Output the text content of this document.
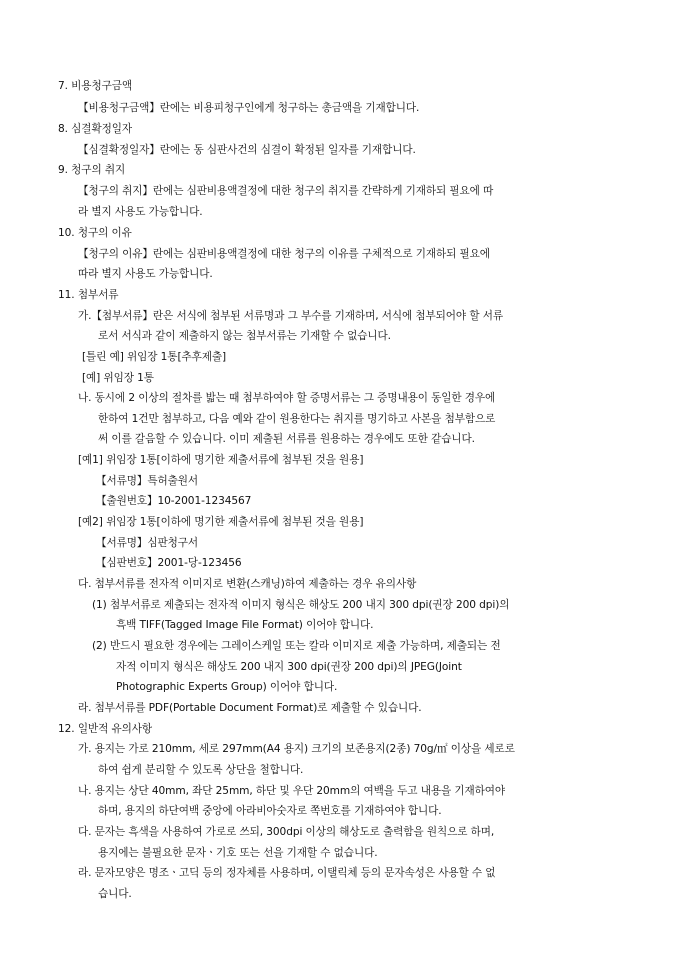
7. 비용청구금액
【비용청구금액】란에는 비용피청구인에게 청구하는 총금액을 기재합니다.
8. 심결확정일자
【심결확정일자】란에는 동 심판사건의 심결이 확정된 일자를 기재합니다.
9. 청구의 취지
【청구의 취지】란에는 심판비용액결정에 대한 청구의 취지를 간략하게 기재하되 필요에 따
라 별지 사용도 가능합니다.
10. 청구의 이유
【청구의 이유】란에는 심판비용액결정에 대한 청구의 이유를 구체적으로 기재하되 필요에
따라 별지 사용도 가능합니다.
11. 첨부서류
가.【첨부서류】란은 서식에 첨부된 서류명과 그 부수를 기재하며, 서식에 첨부되어야 할 서류
로서 서식과 같이 제출하지 않는 첨부서류는 기재할 수 없습니다.
[틀린 예] 위임장 1통[추후제출]
[예] 위임장 1통
나. 동시에 2 이상의 절차를 밟는 때 첨부하여야 할 증명서류는 그 증명내용이 동일한 경우에
한하여 1건만 첨부하고, 다음 예와 같이 원용한다는 취지를 명기하고 사본을 첨부함으로
써 이를 갈음할 수 있습니다. 이미 제출된 서류를 원용하는 경우에도 또한 같습니다.
[예1] 위임장 1통[이하에 명기한 제출서류에 첨부된 것을 원용]
【서류명】특허출원서
【출원번호】10-2001-1234567
[예2] 위임장 1통[이하에 명기한 제출서류에 첨부된 것을 원용]
【서류명】심판청구서
【심판번호】2001-당-123456
다. 첨부서류를 전자적 이미지로 변환(스캐닝)하여 제출하는 경우 유의사항
(1) 첨부서류로 제출되는 전자적 이미지 형식은 해상도 200 내지 300 dpi(권장 200 dpi)의
흑백 TIFF(Tagged Image File Format) 이어야 합니다.
(2) 반드시 필요한 경우에는 그레이스케일 또는 칼라 이미지로 제출 가능하며, 제출되는 전
자적 이미지 형식은 해상도 200 내지 300 dpi(권장 200 dpi)의 JPEG(Joint
Photographic Experts Group) 이어야 합니다.
라. 첨부서류를 PDF(Portable Document Format)로 제출할 수 있습니다.
12. 일반적 유의사항
가. 용지는 가로 210mm, 세로 297mm(A4 용지) 크기의 보존용지(2종) 70g/㎡ 이상을 세로로
하여 쉽게 분리할 수 있도록 상단을 철합니다.
나. 용지는 상단 40mm, 좌단 25mm, 하단 및 우단 20mm의 여백을 두고 내용을 기재하여야
하며, 용지의 하단여백 중앙에 아라비아숫자로 쪽번호를 기재하여야 합니다.
다. 문자는 흑색을 사용하여 가로로 쓰되, 300dpi 이상의 해상도로 출력함을 원칙으로 하며,
용지에는 불필요한 문자ㆍ기호 또는 선을 기재할 수 없습니다.
라. 문자모양은 명조ㆍ고딕 등의 정자체를 사용하며, 이탤릭체 등의 문자속성은 사용할 수 없
습니다.
